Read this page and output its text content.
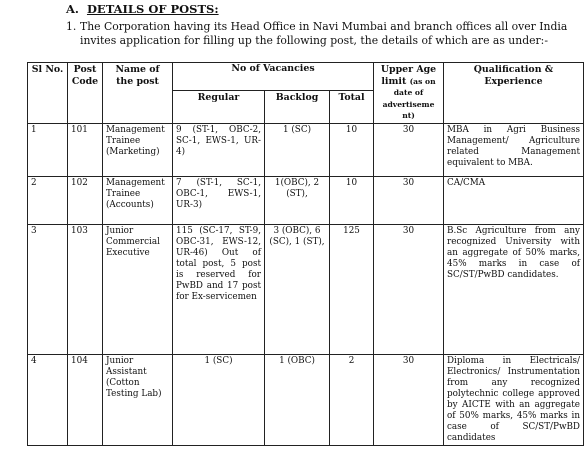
A. DETAILS OF POSTS:
1. The Corporation having its Head Office in Navi Mumbai and branch offices all over India invites application for filling up the following post, the details of which are as under:-
Sl No.	Post Code	Name of the post	No of Vacancies			Upper Age limit (as on date of advertiseme nt)	Qualification & Experience
			Regular	Backlog	Total		
1	101	Management Trainee (Marketing)	9 (ST-1, OBC-2, SC-1, EWS-1, UR-4)	1 (SC)	10	30	MBA in Agri Business Management/ Agriculture related Management equivalent to MBA.
2	102	Management Trainee (Accounts)	7 (ST-1, SC-1, OBC-1, EWS-1, UR-3)	1(OBC), 2 (ST),	10	30	CA/CMA
3	103	Junior Commercial Executive	115 (SC-17, ST-9, OBC-31, EWS-12, UR-46) Out of total post, 5 post is reserved for PwBD and 17 post for Ex-servicemen	3 (OBC), 6 (SC), 1 (ST),	125	30	B.Sc Agriculture from any recognized University with an aggregate of 50% marks, 45% marks in case of SC/ST/PwBD candidates.
4	104	Junior Assistant (Cotton Testing Lab)	1 (SC)	1 (OBC)	2	30	Diploma in Electricals/ Electronics/ Instrumentation from any recognized polytechnic college approved by AICTE with an aggregate of 50% marks, 45% marks in case of SC/ST/PwBD candidates
